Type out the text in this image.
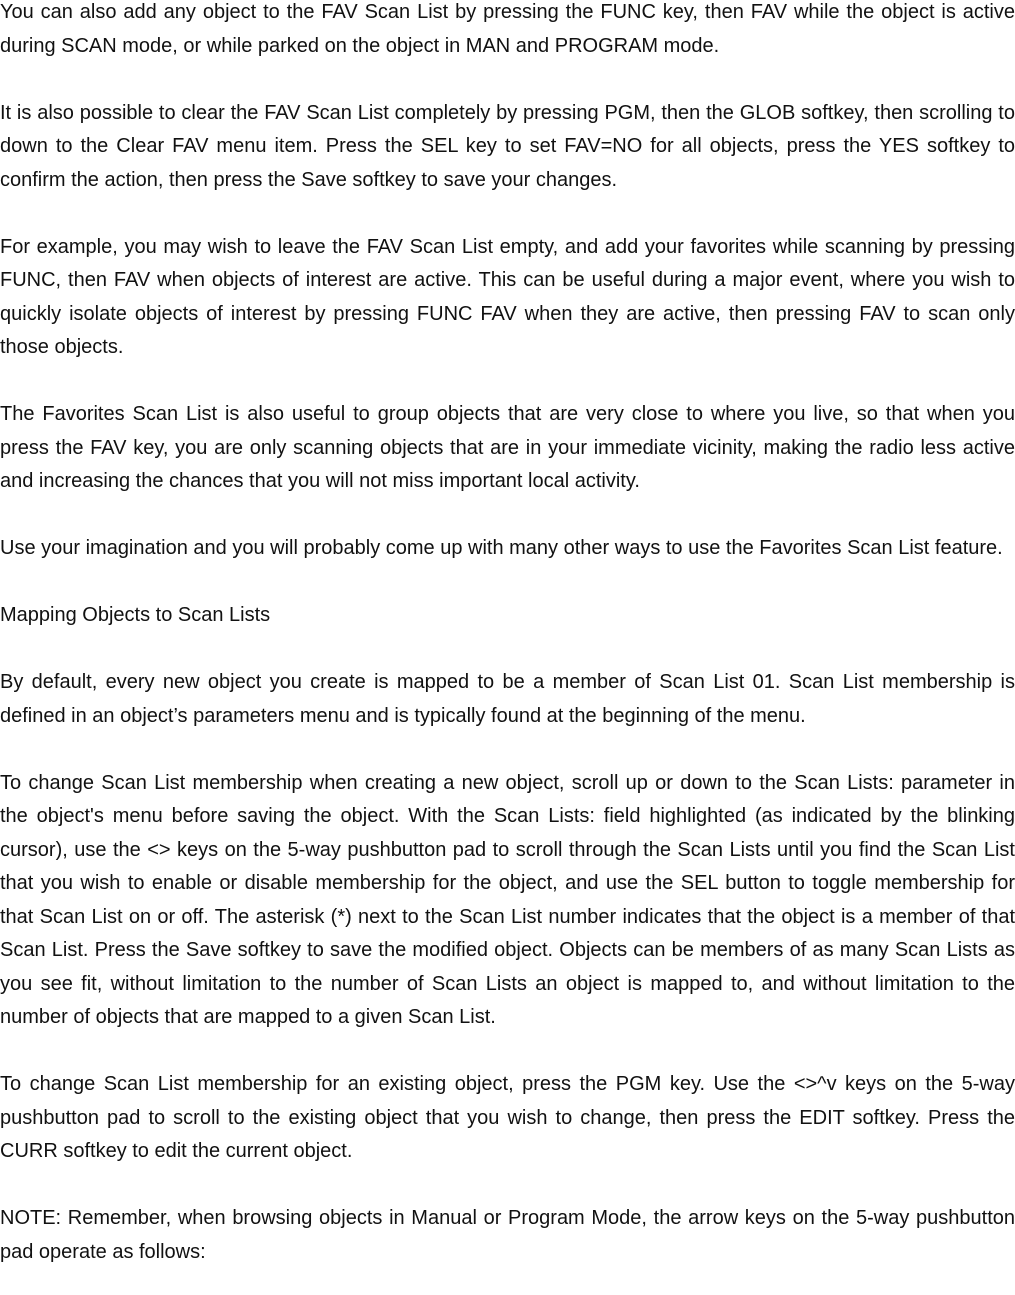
You can also add any object to the FAV Scan List by pressing the FUNC key, then FAV while the object is active during SCAN mode, or while parked on the object in MAN and PROGRAM mode.

It is also possible to clear the FAV Scan List completely by pressing PGM, then the GLOB softkey, then scrolling to down to the Clear FAV menu item. Press the SEL key to set FAV=NO for all objects, press the YES softkey to confirm the action, then press the Save softkey to save your changes.

For example, you may wish to leave the FAV Scan List empty, and add your favorites while scanning by pressing FUNC, then FAV when objects of interest are active. This can be useful during a major event, where you wish to quickly isolate objects of interest by pressing FUNC FAV when they are active, then pressing FAV to scan only those objects.

The Favorites Scan List is also useful to group objects that are very close to where you live, so that when you press the FAV key, you are only scanning objects that are in your immediate vicinity, making the radio less active and increasing the chances that you will not miss important local activity.

Use your imagination and you will probably come up with many other ways to use the Favorites Scan List feature.

Mapping Objects to Scan Lists

By default, every new object you create is mapped to be a member of Scan List 01. Scan List membership is defined in an object’s parameters menu and is typically found at the beginning of the menu.

To change Scan List membership when creating a new object, scroll up or down to the Scan Lists: parameter in the object's menu before saving the object. With the Scan Lists: field highlighted (as indicated by the blinking cursor), use the <> keys on the 5-way pushbutton pad to scroll through the Scan Lists until you find the Scan List that you wish to enable or disable membership for the object, and use the SEL button to toggle membership for that Scan List on or off. The asterisk (*) next to the Scan List number indicates that the object is a member of that Scan List. Press the Save softkey to save the modified object. Objects can be members of as many Scan Lists as you see fit, without limitation to the number of Scan Lists an object is mapped to, and without limitation to the number of objects that are mapped to a given Scan List.

To change Scan List membership for an existing object, press the PGM key. Use the <>^v keys on the 5-way pushbutton pad to scroll to the existing object that you wish to change, then press the EDIT softkey. Press the CURR softkey to edit the current object.

NOTE: Remember, when browsing objects in Manual or Program Mode, the arrow keys on the 5-way pushbutton pad operate as follows:
